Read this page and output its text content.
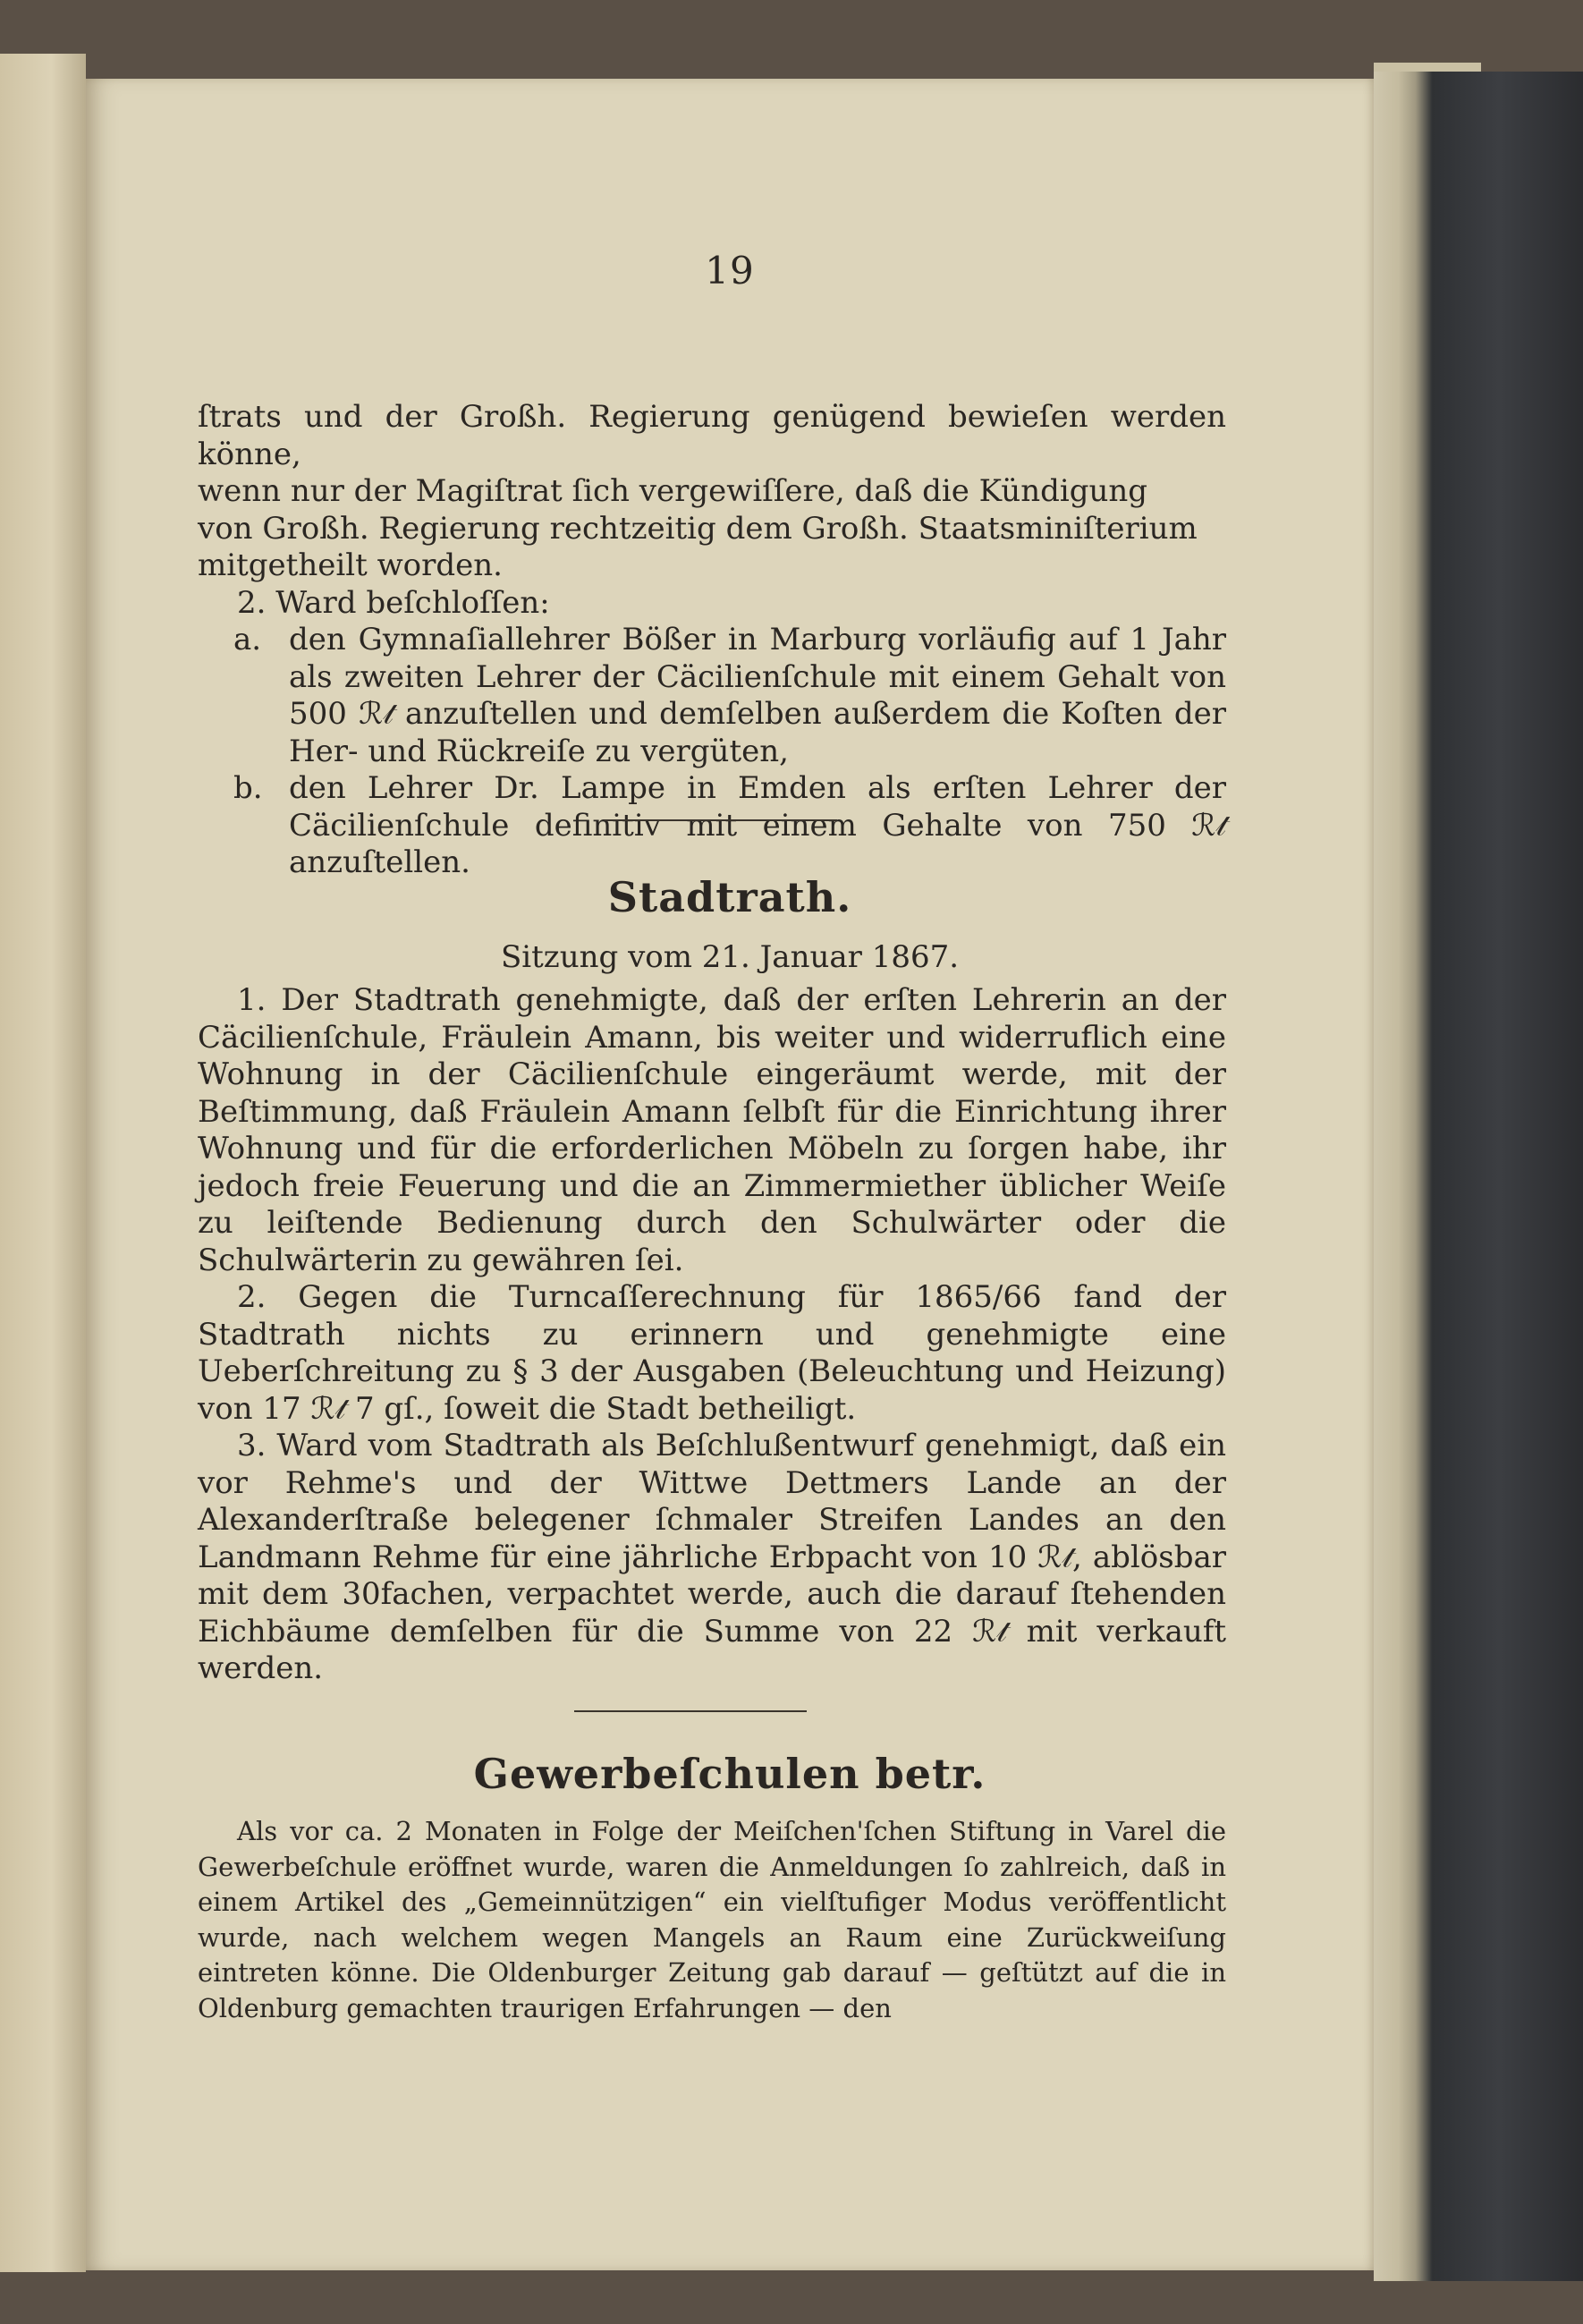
19

ſtrats und der Großh. Regierung genügend bewieſen werden könne,

wenn nur der Magiſtrat ſich vergewiſſere, daß die Kündigung

von Großh. Regierung rechtzeitig dem Großh. Staatsminiſterium

mitgetheilt worden.

2. Ward beſchloſſen:

a. den Gymnaſiallehrer Bößer in Marburg vorläufig auf 1 Jahr als zweiten Lehrer der Cäcilienſchule mit einem Gehalt von 500 ℛ𝓉 anzuſtellen und demſelben außerdem die Koſten der Her- und Rückreiſe zu vergüten,
b. den Lehrer Dr. Lampe in Emden als erſten Lehrer der Cäcilienſchule definitiv mit einem Gehalte von 750 ℛ𝓉 anzuſtellen.
Stadtrath.
Sitzung vom 21. Januar 1867.

1. Der Stadtrath genehmigte, daß der erſten Lehrerin an der Cäcilienſchule, Fräulein Amann, bis weiter und widerruflich eine Wohnung in der Cäcilienſchule eingeräumt werde, mit der Beſtimmung, daß Fräulein Amann ſelbſt für die Einrichtung ihrer Wohnung und für die erforderlichen Möbeln zu ſorgen habe, ihr jedoch freie Feuerung und die an Zimmermiether üblicher Weiſe zu leiſtende Bedienung durch den Schulwärter oder die Schulwärterin zu gewähren ſei.

2. Gegen die Turncaſſerechnung für 1865/66 fand der Stadtrath nichts zu erinnern und genehmigte eine Ueberſchreitung zu § 3 der Ausgaben (Beleuchtung und Heizung) von 17 ℛ𝓉 7 gſ., ſoweit die Stadt betheiligt.

3. Ward vom Stadtrath als Beſchlußentwurf genehmigt, daß ein vor Rehme's und der Wittwe Dettmers Lande an der Alexanderſtraße belegener ſchmaler Streifen Landes an den Landmann Rehme für eine jährliche Erbpacht von 10 ℛ𝓉, ablösbar mit dem 30fachen, verpachtet werde, auch die darauf ſtehenden Eichbäume demſelben für die Summe von 22 ℛ𝓉 mit verkauft werden.

Gewerbeſchulen betr.

Als vor ca. 2 Monaten in Folge der Meiſchen'ſchen Stiftung in Varel die Gewerbeſchule eröffnet wurde, waren die Anmeldungen ſo zahlreich, daß in einem Artikel des „Gemeinnützigen“ ein vielſtufiger Modus veröffentlicht wurde, nach welchem wegen Mangels an Raum eine Zurückweiſung eintreten könne. Die Oldenburger Zeitung gab darauf — geſtützt auf die in Oldenburg gemachten traurigen Erfahrungen — den
